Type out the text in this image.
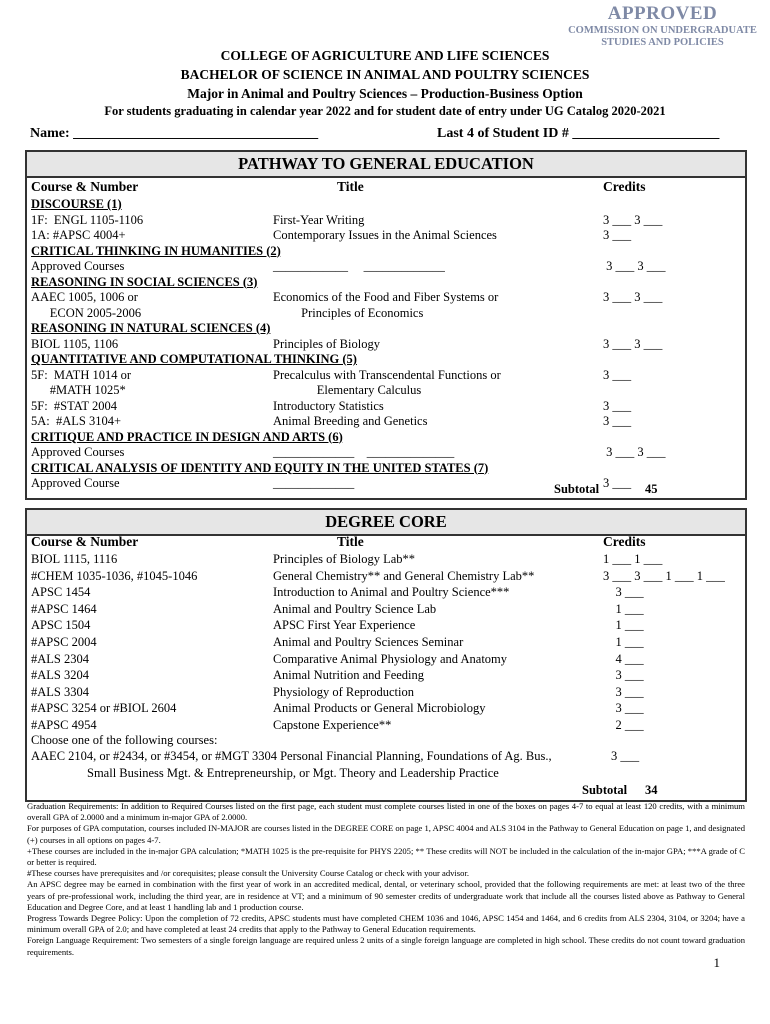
APPROVED
COMMISSION ON UNDERGRADUATE
STUDIES AND POLICIES
COLLEGE OF AGRICULTURE AND LIFE SCIENCES
BACHELOR OF SCIENCE IN ANIMAL AND POULTRY SCIENCES
Major in Animal and Poultry Sciences – Production-Business Option
For students graduating in calendar year 2022 and for student date of entry under UG Catalog 2020-2021
Name: ___________________________________	Last 4 of Student ID # _____________________
PATHWAY TO GENERAL EDUCATION
Course & Number	Title	Credits
DISCOURSE (1)
1F:  ENGL 1105-1106	First-Year Writing	3 ___ 3 ___
1A: #APSC 4004+	Contemporary Issues in the Animal Sciences	3 ___
CRITICAL THINKING IN HUMANITIES (2)
Approved Courses	____________     _____________	3 ___ 3 ___
REASONING IN SOCIAL SCIENCES (3)
AAEC 1005, 1006 or	Economics of the Food and Fiber Systems or	3 ___ 3 ___
ECON 2005-2006	Principles of Economics
REASONING IN NATURAL SCIENCES (4)
BIOL 1105, 1106	Principles of Biology	3 ___ 3 ___
QUANTITATIVE AND COMPUTATIONAL THINKING (5)
5F:  MATH 1014 or	Precalculus with Transcendental Functions or	3 ___
#MATH 1025*	Elementary Calculus
5F:  #STAT 2004	Introductory Statistics	3 ___
5A:  #ALS 3104+	Animal Breeding and Genetics	3 ___
CRITIQUE AND PRACTICE IN DESIGN AND ARTS (6)
Approved Courses	_____________    ______________	3 ___ 3 ___
CRITICAL ANALYSIS OF IDENTITY AND EQUITY IN THE UNITED STATES (7)
Approved Course	_____________	3 ___
Subtotal	45
DEGREE CORE
Course & Number	Title	Credits
BIOL 1115, 1116	Principles of Biology Lab**	1 ___ 1 ___
#CHEM 1035-1036, #1045-1046	General Chemistry** and General Chemistry Lab**	3 ___ 3 ___ 1 ___ 1 ___
APSC 1454	Introduction to Animal and Poultry Science***	3 ___
#APSC 1464	Animal and Poultry Science Lab	1 ___
APSC 1504	APSC First Year Experience	1 ___
#APSC 2004	Animal and Poultry Sciences Seminar	1 ___
#ALS 2304	Comparative Animal Physiology and Anatomy	4 ___
#ALS 3204	Animal Nutrition and Feeding	3 ___
#ALS 3304	Physiology of Reproduction	3 ___
#APSC 3254 or #BIOL 2604	Animal Products or General Microbiology	3 ___
#APSC 4954	Capstone Experience**	2 ___
Choose one of the following courses:
AAEC 2104, or #2434, or #3454, or #MGT 3304 Personal Financial Planning, Foundations of Ag. Bus.,	3 ___
Small Business Mgt. & Entrepreneurship, or Mgt. Theory and Leadership Practice
Subtotal 34

Graduation Requirements: In addition to Required Courses listed on the first page, each student must complete courses listed in one of the boxes on pages 4-7 to equal at least 120 credits, with a minimum overall GPA of 2.0000 and a minimum in-major GPA of 2.0000.

For purposes of GPA computation, courses included IN-MAJOR are courses listed in the DEGREE CORE on page 1, APSC 4004 and ALS 3104 in the Pathway to General Education on page 1, and designated (+) courses in all options on pages 4-7.

+These courses are included in the in-major GPA calculation; *MATH 1025 is the pre-requisite for PHYS 2205; ** These credits will NOT be included in the calculation of the in-major GPA; ***A grade of C or better is required.

#These courses have prerequisites and /or corequisites; please consult the University Course Catalog or check with your advisor.

An APSC degree may be earned in combination with the first year of work in an accredited medical, dental, or veterinary school, provided that the following requirements are met: at least two of the three years of pre-professional work, including the third year, are in residence at VT; and a minimum of 90 semester credits of undergraduate work that include all the courses listed above as Pathway to General Education and Degree Core, and at least 1 handling lab and 1 production course.

Progress Towards Degree Policy: Upon the completion of 72 credits, APSC students must have completed CHEM 1036 and 1046, APSC 1454 and 1464, and 6 credits from ALS 2304, 3104, or 3204; have a minimum overall GPA of 2.0; and have completed at least 24 credits that apply to the Pathway to General Education requirements.

Foreign Language Requirement: Two semesters of a single foreign language are required unless 2 units of a single foreign language are completed in high school. These credits do not count toward graduation requirements.

1
